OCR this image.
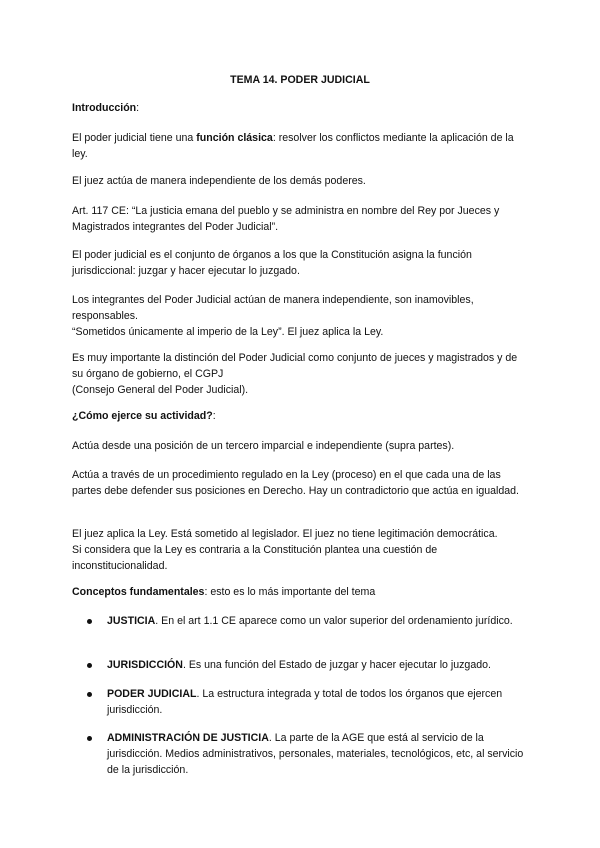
TEMA 14. PODER JUDICIAL
Introducción:
El poder judicial tiene una función clásica: resolver los conflictos mediante la aplicación de la ley.
El juez actúa de manera independiente de los demás poderes.
Art. 117 CE: “La justicia emana del pueblo y se administra en nombre del Rey por Jueces y Magistrados integrantes del Poder Judicial”.
El poder judicial es el conjunto de órganos a los que la Constitución asigna la función jurisdiccional: juzgar y hacer ejecutar lo juzgado.
Los integrantes del Poder Judicial actúan de manera independiente, son inamovibles, responsables.
“Sometidos únicamente al imperio de la Ley”. El juez aplica la Ley.
Es muy importante la distinción del Poder Judicial como conjunto de jueces y magistrados y de su órgano de gobierno, el CGPJ
(Consejo General del Poder Judicial).
¿Cómo ejerce su actividad?:
Actúa desde una posición de un tercero imparcial e independiente (supra partes).
Actúa a través de un procedimiento regulado en la Ley (proceso) en el que cada una de las partes debe defender sus posiciones en Derecho. Hay un contradictorio que actúa en igualdad.
El juez aplica la Ley. Está sometido al legislador. El juez no tiene legitimación democrática.
Si considera que la Ley es contraria a la Constitución plantea una cuestión de inconstitucionalidad.
Conceptos fundamentales: esto es lo más importante del tema
JUSTICIA. En el art 1.1 CE aparece como un valor superior del ordenamiento jurídico.
JURISDICCIÓN. Es una función del Estado de juzgar y hacer ejecutar lo juzgado.
PODER JUDICIAL. La estructura integrada y total de todos los órganos que ejercen jurisdicción.
ADMINISTRACIÓN DE JUSTICIA. La parte de la AGE que está al servicio de la jurisdicción. Medios administrativos, personales, materiales, tecnológicos, etc, al servicio de la jurisdicción.
